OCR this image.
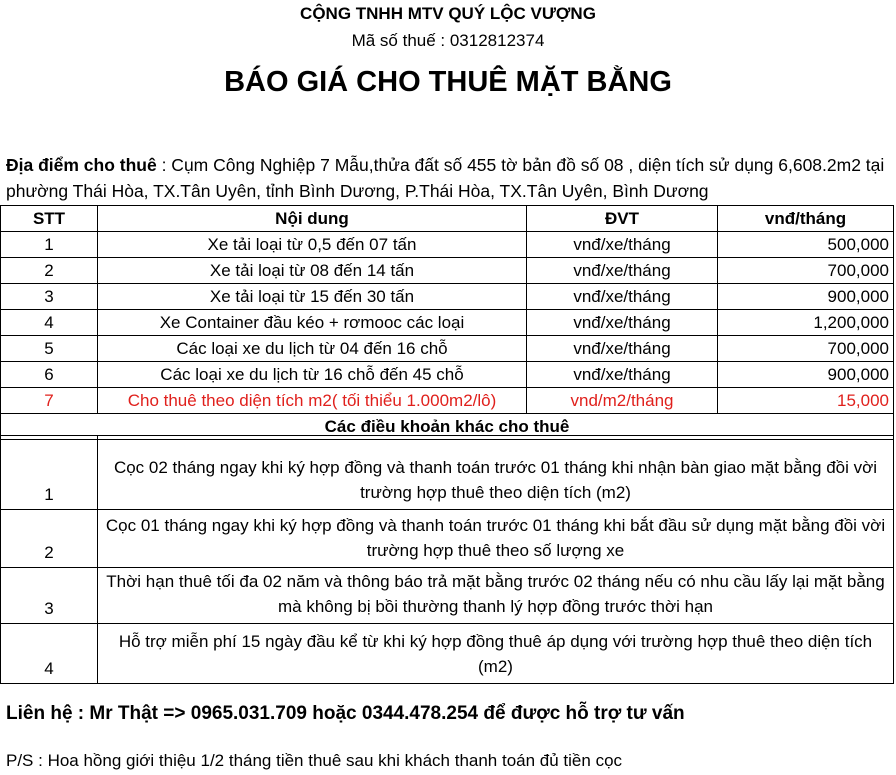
CỘNG TNHH MTV QUÝ LỘC VƯỢNG
Mã số thuế : 0312812374
BÁO GIÁ CHO THUÊ MẶT BẰNG
Địa điểm cho thuê : Cụm Công Nghiệp 7 Mẫu,thửa đất số 455 tờ bản đồ số 08 , diện tích sử dụng 6,608.2m2 tại phường Thái Hòa, TX.Tân Uyên, tỉnh Bình Dương, P.Thái Hòa, TX.Tân Uyên, Bình Dương
STT	Nội dung	ĐVT	vnđ/tháng
1	Xe tải loại từ 0,5 đến 07 tấn	vnđ/xe/tháng	500,000
2	Xe tải loại từ 08 đến 14 tấn	vnđ/xe/tháng	700,000
3	Xe tải loại từ 15 đến 30 tấn	vnđ/xe/tháng	900,000
4	Xe Container đầu kéo + rơmooc các loại	vnđ/xe/tháng	1,200,000
5	Các loại xe du lịch từ 04 đến 16 chỗ	vnđ/xe/tháng	700,000
6	Các loại xe du lịch từ 16 chỗ đến 45 chỗ	vnđ/xe/tháng	900,000
7	Cho thuê theo diện tích m2( tối thiểu 1.000m2/lô)	vnd/m2/tháng	15,000
Các điều khoản khác cho thuê			
1	Cọc 02 tháng ngay khi ký hợp đồng và thanh toán trước 01 tháng khi nhận bàn giao mặt bằng đồi vời trường hợp thuê theo diện tích (m2)
2	Cọc 01 tháng ngay khi ký hợp đồng và thanh toán trước 01 tháng khi bắt đầu sử dụng mặt bằng đồi vời trường hợp thuê theo số lượng xe
3	Thời hạn thuê tối đa 02 năm và thông báo trả mặt bằng trước 02 tháng nếu có nhu cầu lấy lại mặt bằng mà không bị bồi thường thanh lý hợp đồng trước thời hạn
4	Hỗ trợ miễn phí 15 ngày đầu kể từ khi ký hợp đồng thuê áp dụng với trường hợp thuê theo diện tích (m2)
Liên hệ : Mr Thật => 0965.031.709 hoặc 0344.478.254 để được hỗ trợ tư vấn
P/S : Hoa hồng giới thiệu 1/2 tháng tiền thuê sau khi khách thanh toán đủ tiền cọc
